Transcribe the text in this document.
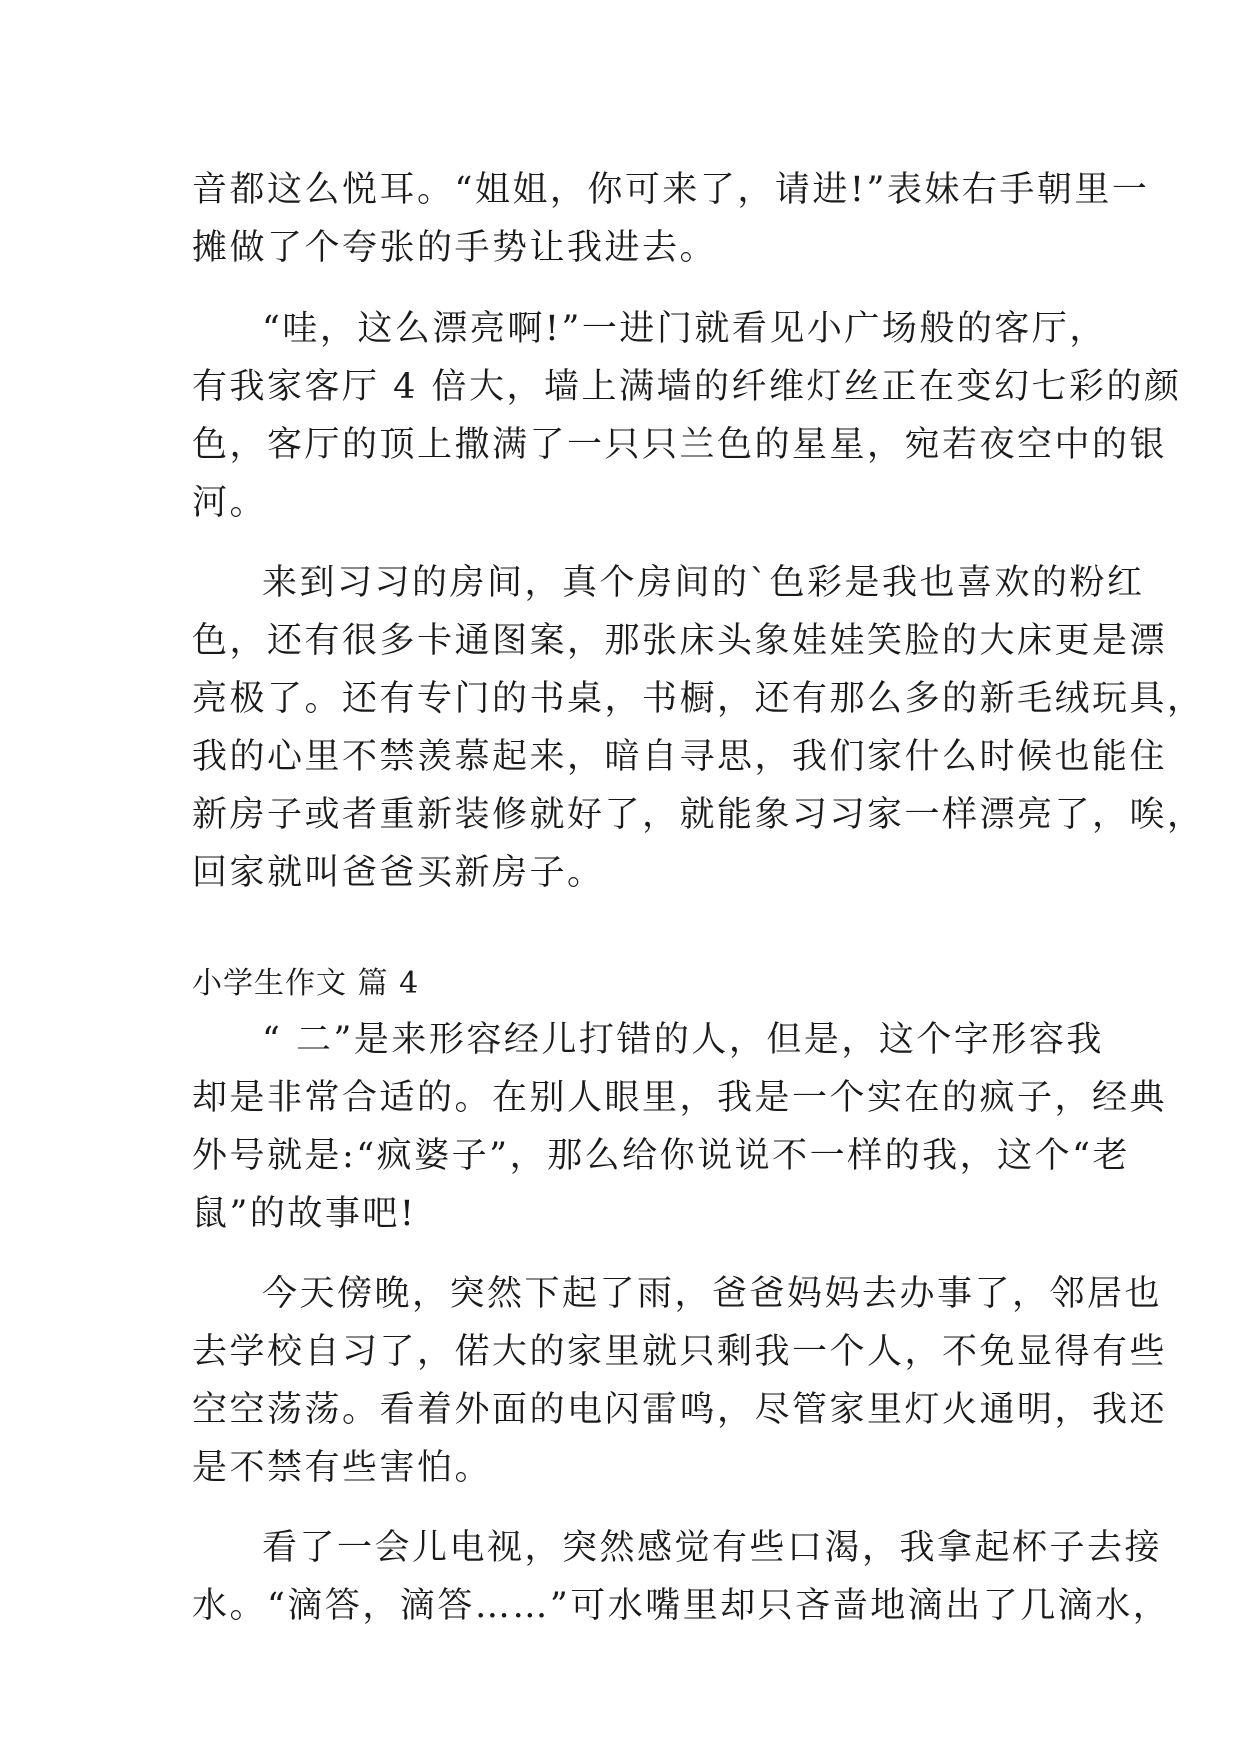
音都这么悦耳。“姐姐，你可来了，请进!”表妹右手朝里一
摊做了个夸张的手势让我进去。
“哇，这么漂亮啊!”一进门就看见小广场般的客厅，
有我家客厅 4 倍大，墙上满墙的纤维灯丝正在变幻七彩的颜
色，客厅的顶上撒满了一只只兰色的星星，宛若夜空中的银
河。
来到习习的房间，真个房间的`色彩是我也喜欢的粉红
色，还有很多卡通图案，那张床头象娃娃笑脸的大床更是漂
亮极了。还有专门的书桌，书橱，还有那么多的新毛绒玩具，
我的心里不禁羡慕起来，暗自寻思，我们家什么时候也能住
新房子或者重新装修就好了，就能象习习家一样漂亮了，唉，
回家就叫爸爸买新房子。
小学生作文 篇 4
“ 二”是来形容经儿打错的人，但是，这个字形容我
却是非常合适的。在别人眼里，我是一个实在的疯子，经典
外号就是:“疯婆子”，那么给你说说不一样的我，这个“老
鼠”的故事吧!
今天傍晚，突然下起了雨，爸爸妈妈去办事了，邻居也
去学校自习了，偌大的家里就只剩我一个人，不免显得有些
空空荡荡。看着外面的电闪雷鸣，尽管家里灯火通明，我还
是不禁有些害怕。
看了一会儿电视，突然感觉有些口渴，我拿起杯子去接
水。“滴答，滴答……”可水嘴里却只吝啬地滴出了几滴水，
